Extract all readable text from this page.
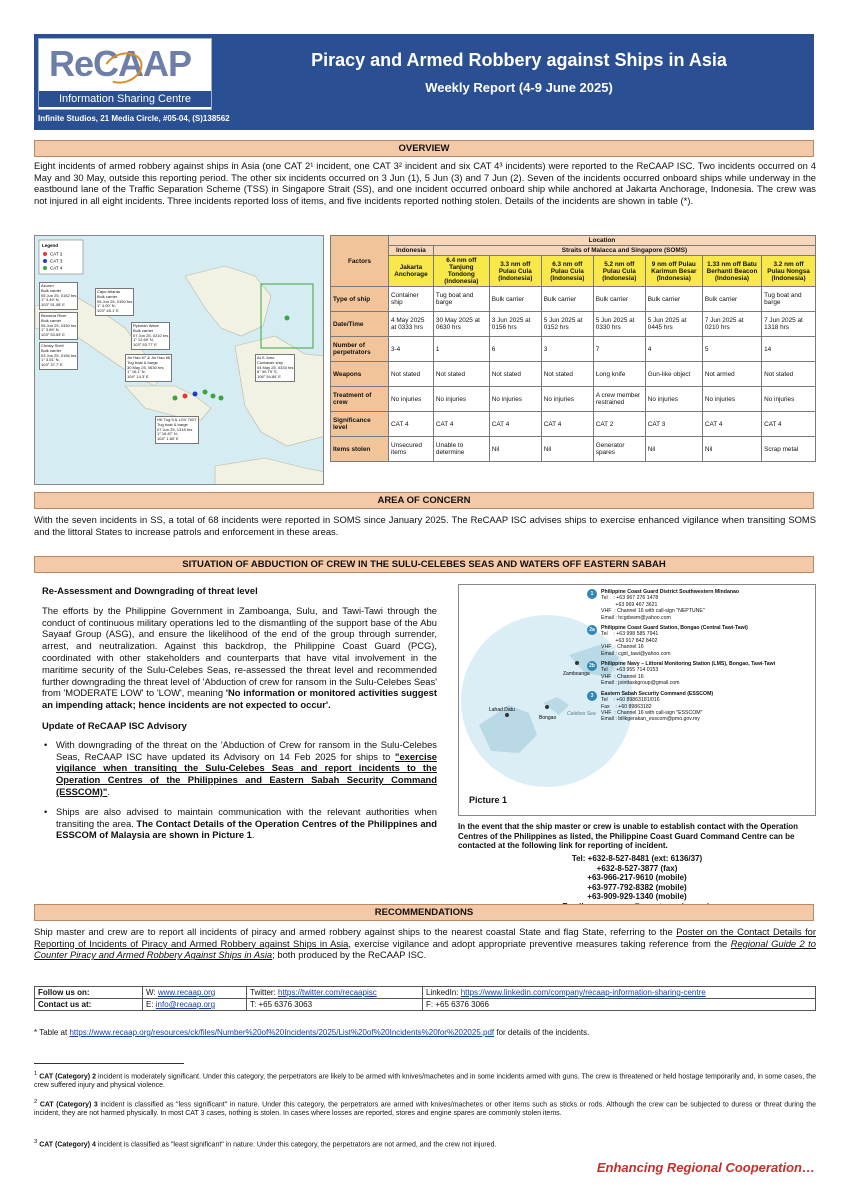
ReCAAP
Information Sharing Centre
Piracy and Armed Robbery against Ships in Asia
Weekly Report (4-9 June 2025)
Infinite Studios, 21 Media Circle, #05-04, (S)138562
OVERVIEW
Eight incidents of armed robbery against ships in Asia (one CAT 2¹ incident, one CAT 3² incident and six CAT 4³ incidents) were reported to the ReCAAP ISC. Two incidents occurred on 4 May and 30 May, outside this reporting period. The other six incidents occurred on 3 Jun (1), 5 Jun (3) and 7 Jun (2). Seven of the incidents occurred onboard ships while underway in the eastbound lane of the Traffic Separation Scheme (TSS) in Singapore Strait (SS), and one incident occurred onboard ship while anchored at Jakarta Anchorage, Indonesia. The crew was not injured in all eight incidents. Three incidents reported loss of items, and five incidents reported nothing stolen. Details of the incidents are shown in table (*).
Legend
CAT 2
CAT 3
CAT 4
Azuren
Bulk carrier
05 Jun 25, 0152 hrs
1° 3.49' N,
103° 51.08' E
Bendera River
Bulk carrier
05 Jun 25, 0330 hrs
1° 3.89' N,
103° 53.53' E
Christy Shell
Bulk carrier
03 Jun 25, 0156 hrs
1° 3.51' N,
103° 37.7' E
Cape Atlanta
Bulk carrier
05 Jun 25, 0150 hrs
1° 4.00' N,
103° 45.1' E
Rykman Wave
Bulk carrier
07 Jun 25, 0210 hrs
1° 12.69' N,
103° 53.77' E
Jin Hao 67 & Jin Hao 68
Tug boat & barge
30 May 25, 0630 hrs
1° 16.1' N,
104° 14.3' E
HK Tug 5 & LGV 7007
Tug boat & barge
07 Jun 25, 1318 hrs
1° 16.87' N,
104° 1.80' E
ALS Juno
Container ship
04 May 25, 0333 hrs
6° 00.79' S,
106° 54.84' E
Factors	Location							
	Indonesia	Straits of Malacca and Singapore (SOMS)						
	Jakarta Anchorage	6.4 nm off Tanjung Tondong (Indonesia)	3.3 nm off Pulau Cula (Indonesia)	6.3 nm off Pulau Cula (Indonesia)	5.2 nm off Pulau Cula (Indonesia)	9 nm off Pulau Karimun Besar (Indonesia)	1.33 nm off Batu Berhanti Beacon (Indonesia)	3.2 nm off Pulau Nongsa (Indonesia)
Type of ship	Container ship	Tug boat and barge	Bulk carrier	Bulk carrier	Bulk carrier	Bulk carrier	Bulk carrier	Tug boat and barge
Date/Time	4 May 2025 at 0333 hrs	30 May 2025 at 0630 hrs	3 Jun 2025 at 0156 hrs	5 Jun 2025 at 0152 hrs	5 Jun 2025 at 0330 hrs	5 Jun 2025 at 0445 hrs	7 Jun 2025 at 0210 hrs	7 Jun 2025 at 1318 hrs
Number of perpetrators	3-4	1	6	3	7	4	5	14
Weapons	Not stated	Not stated	Not stated	Not stated	Long knife	Gun-like object	Not armed	Not stated
Treatment of crew	No injuries	No injuries	No injuries	No injuries	A crew member restrained	No injuries	No injuries	No injuries
Significance level	CAT 4	CAT 4	CAT 4	CAT 4	CAT 2	CAT 3	CAT 4	CAT 4
Items stolen	Unsecured items	Unable to determine	Nil	Nil	Generator spares	Nil	Nil	Scrap metal
AREA OF CONCERN
With the seven incidents in SS, a total of 68 incidents were reported in SOMS since January 2025. The ReCAAP ISC advises ships to exercise enhanced vigilance when transiting SOMS and the littoral States to increase patrols and enforcement in these areas.
SITUATION OF ABDUCTION OF CREW IN THE SULU-CELEBES SEAS AND WATERS OFF EASTERN SABAH
Re-Assessment and Downgrading of threat level
The efforts by the Philippine Government in Zamboanga, Sulu, and Tawi-Tawi through the conduct of continuous military operations led to the dismantling of the support base of the Abu Sayaaf Group (ASG), and ensure the likelihood of the end of the group through surrender, arrest, and neutralization. Against this backdrop, the Philippine Coast Guard (PCG), coordinated with other stakeholders and counterparts that have vital involvement in the maritime security of the Sulu-Celebes Seas, re-assessed the threat level and recommended further downgrading the threat level of 'Abduction of crew for ransom in the Sulu-Celebes Seas' from 'MODERATE LOW' to 'LOW', meaning 'No information or monitored activities suggest an impending attack; hence incidents are not expected to occur'.
Update of ReCAAP ISC Advisory
• With downgrading of the threat on the 'Abduction of Crew for ransom in the Sulu-Celebes Seas, ReCAAP ISC have updated its Advisory on 14 Feb 2025 for ships to "exercise vigilance when transiting the Sulu-Celebes Seas and report incidents to the Operation Centres of the Philippines and Eastern Sabah Security Command (ESSCOM)".
• Ships are also advised to maintain communication with the relevant authorities when transiting the area. The Contact Details of the Operation Centres of the Philippines and ESSCOM of Malaysia are shown in Picture 1.
Zamboanga
Lahad Datu
Bongao
Celebes Sea
Picture 1
1	Philippine Coast Guard District Southwestern Mindanao
Tel    : +63 967 276 1478
+63 969 467 3621
VHF  : Channel 16 with call-sign "NEPTUNE"
Email : hcgdswm@yahoo.com
2a	Philippine Coast Guard Station, Bongao (Central Tawi-Tawi)
Tel    : +63 998 585 7941
+63 917 842 8402
VHF  : Channel 16
Email : cgst_tawi@yahoo.com
2b	Philippine Navy – Littoral Monitoring Station (LMS), Bongao, Tawi-Tawi
Tel    : +63 955 714 0153
VHF  : Channel 16
Email : jointtaskgroup@gmail.com
3	Eastern Sabah Security Command (ESSCOM)
Tel    : +60 89863181/016
Fax    : +60 89863182
VHF  : Channel 16 with call-sign "ESSCOM"
Email : bilikgerakan_esscom@pmo.gov.my
In the event that the ship master or crew is unable to establish contact with the Operation Centres of the Philippines as listed, the Philippine Coast Guard Command Centre can be contacted at the following link for reporting of incident.
Tel: +632-8-527-8481 (ext: 6136/37)
+632-8-527-3877 (fax)
+63-966-217-9610 (mobile)
+63-977-792-8382 (mobile)
+63-909-929-1340 (mobile)
RECOMMENDATIONS
Ship master and crew are to report all incidents of piracy and armed robbery against ships to the nearest coastal State and flag State, referring to the Poster on the Contact Details for Reporting of Incidents of Piracy and Armed Robbery against Ships in Asia, exercise vigilance and adopt appropriate preventive measures taking reference from the Regional Guide 2 to Counter Piracy and Armed Robbery Against Ships in Asia; both produced by the ReCAAP ISC.
Follow us on:	W: www.recaap.org	Twitter: https://twitter.com/recaapisc	LinkedIn: https://www.linkedin.com/company/recaap-information-sharing-centre
Contact us at:	E: info@recaap.org	T: +65 6376 3063	F: +65 6376 3066
* Table at https://www.recaap.org/resources/ck/files/Number%20of%20Incidents/2025/List%20of%20Incidents%20for%202025.pdf for details of the incidents.
$^1$ CAT (Category) 2 incident is moderately significant. Under this category, the perpetrators are likely to be armed with knives/machetes and in some incidents armed with guns. The crew is threatened or held hostage temporarily and, in some cases, the crew suffered injury and physical violence.
$^2$ CAT (Category) 3 incident is classified as "less significant" in nature. Under this category, the perpetrators are armed with knives/machetes or other items such as sticks or rods. Although the crew can be subjected to duress or threat during the incident, they are not harmed physically. In most CAT 3 cases, nothing is stolen. In cases where losses are reported, stores and engine spares are commonly stolen items.
$^3$ CAT (Category) 4 incident is classified as "least significant" in nature. Under this category, the perpetrators are not armed, and the crew not injured.
Enhancing Regional Cooperation…
